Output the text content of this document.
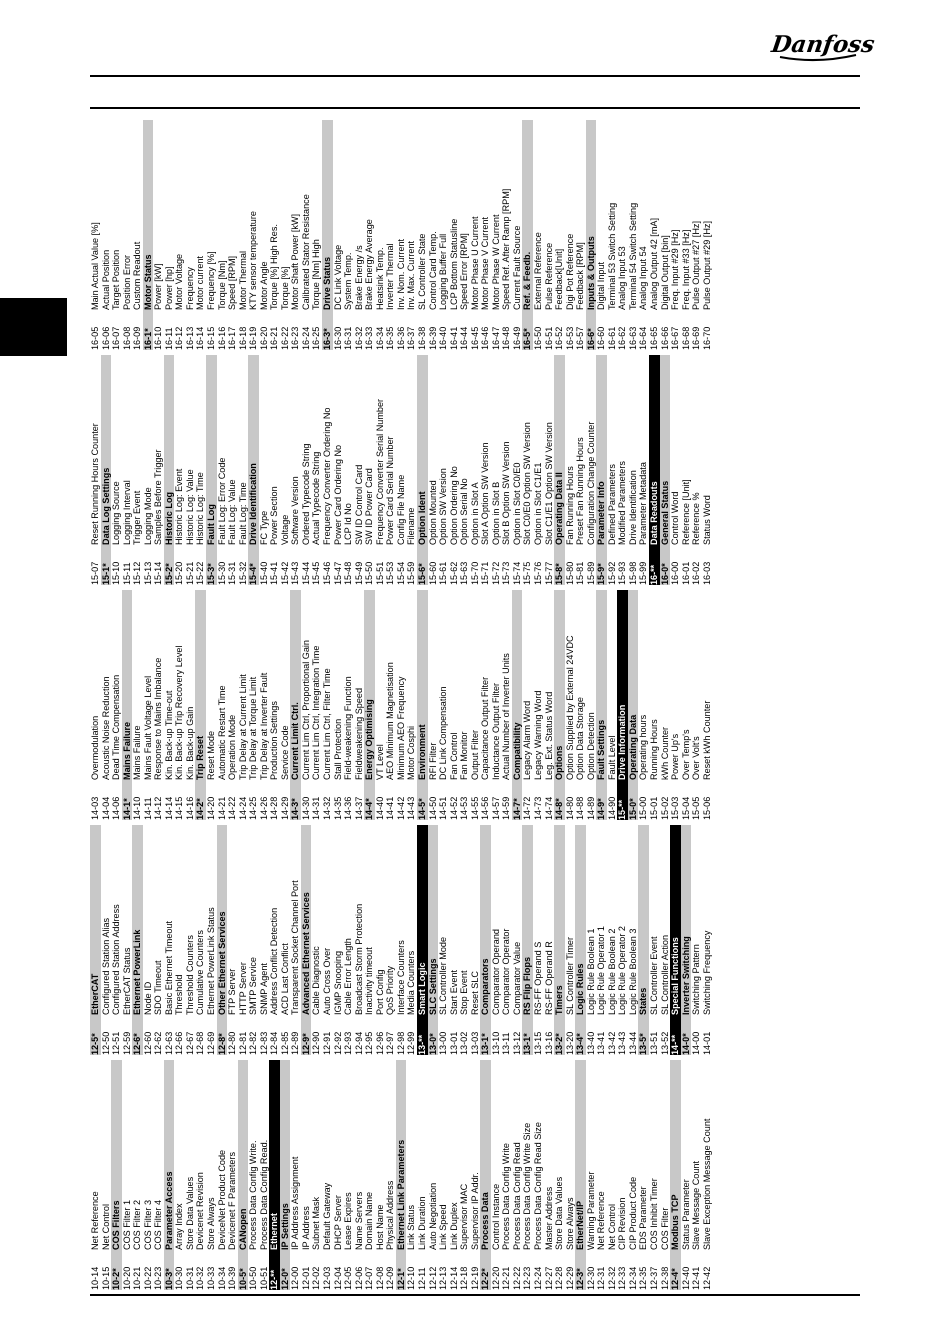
Danfoss
10-14
Net Reference
10-15
Net Control
10-2*
COS Filters
10-20
COS Filter 1
10-21
COS Filter 2
10-22
COS Filter 3
10-23
COS Filter 4
10-3*
Parameter Access
10-30
Array Index
10-31
Store Data Values
10-32
Devicenet Revision
10-33
Store Always
10-34
DeviceNet Product Code
10-39
Devicenet F Parameters
10-5*
CANopen
10-50
Process Data Config Write.
10-51
Process Data Config Read.
12-**
Ethernet
12-0*
IP Settings
12-00
IP Address Assignment
12-01
IP Address
12-02
Subnet Mask
12-03
Default Gateway
12-04
DHCP Server
12-05
Lease Expires
12-06
Name Servers
12-07
Domain Name
12-08
Host Name
12-09
Physical Address
12-1*
Ethernet Link Parameters
12-10
Link Status
12-11
Link Duration
12-12
Auto Negotiation
12-13
Link Speed
12-14
Link Duplex
12-18
Supervisor MAC
12-19
Supervisor IP Addr.
12-2*
Process Data
12-20
Control Instance
12-21
Process Data Config Write
12-22
Process Data Config Read
12-23
Process Data Config Write Size
12-24
Process Data Config Read Size
12-27
Master Address
12-28
Store Data Values
12-29
Store Always
12-3*
EtherNet/IP
12-30
Warning Parameter
12-31
Net Reference
12-32
Net Control
12-33
CIP Revision
12-34
CIP Product Code
12-35
EDS Parameter
12-37
COS Inhibit Timer
12-38
COS Filter
12-4*
Modbus TCP
12-40
Status Parameter
12-41
Slave Message Count
12-42
Slave Exception Message Count
12-5*
EtherCAT
12-50
Configured Station Alias
12-51
Configured Station Address
12-59
EtherCAT Status
12-6*
Ethernet PowerLink
12-60
Node ID
12-62
SDO Timeout
12-63
Basic Ethernet Timeout
12-66
Threshold
12-67
Threshold Counters
12-68
Cumulative Counters
12-69
Ethernet PowerLink Status
12-8*
Other Ethernet Services
12-80
FTP Server
12-81
HTTP Server
12-82
SMTP Service
12-83
SNMP Agent
12-84
Address Conflict Detection
12-85
ACD Last Conflict
12-89
Transparent Socket Channel Port
12-9*
Advanced Ethernet Services
12-90
Cable Diagnostic
12-91
Auto Cross Over
12-92
IGMP Snooping
12-93
Cable Error Length
12-94
Broadcast Storm Protection
12-95
Inactivity timeout
12-96
Port Config
12-97
QoS Priority
12-98
Interface Counters
12-99
Media Counters
13-**
Smart Logic
13-0*
SLC Settings
13-00
SL Controller Mode
13-01
Start Event
13-02
Stop Event
13-03
Reset SLC
13-1*
Comparators
13-10
Comparator Operand
13-11
Comparator Operator
13-12
Comparator Value
13-1*
RS Flip Flops
13-15
RS-FF Operand S
13-16
RS-FF Operand R
13-2*
Timers
13-20
SL Controller Timer
13-4*
Logic Rules
13-40
Logic Rule Boolean 1
13-41
Logic Rule Operator 1
13-42
Logic Rule Boolean 2
13-43
Logic Rule Operator 2
13-44
Logic Rule Boolean 3
13-5*
States
13-51
SL Controller Event
13-52
SL Controller Action
14-**
Special Functions
14-0*
Inverter Switching
14-00
Switching Pattern
14-01
Switching Frequency
14-03
Overmodulation
14-04
Acoustic Noise Reduction
14-06
Dead Time Compensation
14-1*
Mains Failure
14-10
Mains Failure
14-11
Mains Fault Voltage Level
14-12
Response to Mains Imbalance
14-14
Kin. Back-up Time-out
14-15
Kin. Back-up Trip Recovery Level
14-16
Kin. Back-up Gain
14-2*
Trip Reset
14-20
Reset Mode
14-21
Automatic Restart Time
14-22
Operation Mode
14-24
Trip Delay at Current Limit
14-25
Trip Delay at Torque Limit
14-26
Trip Delay at Inverter Fault
14-28
Production Settings
14-29
Service Code
14-3*
Current Limit Ctrl.
14-30
Current Lim Ctrl, Proportional Gain
14-31
Current Lim Ctrl, Integration Time
14-32
Current Lim Ctrl, Filter Time
14-35
Stall Protection
14-36
Field-weakening Function
14-37
Fieldweakening Speed
14-4*
Energy Optimising
14-40
VT Level
14-41
AEO Minimum Magnetisation
14-42
Minimum AEO Frequency
14-43
Motor Cosphi
14-5*
Environment
14-50
RFI Filter
14-51
DC Link Compensation
14-52
Fan Control
14-53
Fan Monitor
14-55
Output Filter
14-56
Capacitance Output Filter
14-57
Inductance Output Filter
14-59
Actual Number of Inverter Units
14-7*
Compatibility
14-72
Legacy Alarm Word
14-73
Legacy Warning Word
14-74
Leg. Ext. Status Word
14-8*
Options
14-80
Option Supplied by External 24VDC
14-88
Option Data Storage
14-89
Option Detection
14-9*
Fault Settings
14-90
Fault Level
15-**
Drive Information
15-0*
Operating Data
15-00
Operating hours
15-01
Running Hours
15-02
kWh Counter
15-03
Power Up's
15-04
Over Temp's
15-05
Over Volt's
15-06
Reset kWh Counter
15-07
Reset Running Hours Counter
15-1*
Data Log Settings
15-10
Logging Source
15-11
Logging Interval
15-12
Trigger Event
15-13
Logging Mode
15-14
Samples Before Trigger
15-2*
Historic Log
15-20
Historic Log: Event
15-21
Historic Log: Value
15-22
Historic Log: Time
15-3*
Fault Log
15-30
Fault Log: Error Code
15-31
Fault Log: Value
15-32
Fault Log: Time
15-4*
Drive Identification
15-40
FC Type
15-41
Power Section
15-42
Voltage
15-43
Software Version
15-44
Ordered Typecode String
15-45
Actual Typecode String
15-46
Frequency Converter Ordering No
15-47
Power Card Ordering No
15-48
LCP Id No
15-49
SW ID Control Card
15-50
SW ID Power Card
15-51
Frequency Converter Serial Number
15-53
Power Card Serial Number
15-54
Config File Name
15-59
Filename
15-6*
Option Ident
15-60
Option Mounted
15-61
Option SW Version
15-62
Option Ordering No
15-63
Option Serial No
15-70
Option in Slot A
15-71
Slot A Option SW Version
15-72
Option in Slot B
15-73
Slot B Option SW Version
15-74
Option in Slot C0/E0
15-75
Slot C0/E0 Option SW Version
15-76
Option in Slot C1/E1
15-77
Slot C1/E1 Option SW Version
15-8*
Operating Data II
15-80
Fan Running Hours
15-81
Preset Fan Running Hours
15-89
Configuration Change Counter
15-9*
Parameter Info
15-92
Defined Parameters
15-93
Modified Parameters
15-98
Drive Identification
15-99
Parameter Metadata
16-**
Data Readouts
16-0*
General Status
16-00
Control Word
16-01
Reference [Unit]
16-02
Reference %
16-03
Status Word
16-05
Main Actual Value [%]
16-06
Actual Position
16-07
Target Position
16-08
Position Error
16-09
Custom Readout
16-1*
Motor Status
16-10
Power [kW]
16-11
Power [hp]
16-12
Motor Voltage
16-13
Frequency
16-14
Motor current
16-15
Frequency [%]
16-16
Torque [Nm]
16-17
Speed [RPM]
16-18
Motor Thermal
16-19
KTY sensor temperature
16-20
Motor Angle
16-21
Torque [%] High Res.
16-22
Torque [%]
16-23
Motor Shaft Power [kW]
16-24
Calibrated Stator Resistance
16-25
Torque [Nm] High
16-3*
Drive Status
16-30
DC Link Voltage
16-31
System Temp.
16-32
Brake Energy /s
16-33
Brake Energy Average
16-34
Heatsink Temp.
16-35
Inverter Thermal
16-36
Inv. Nom. Current
16-37
Inv. Max. Current
16-38
SL Controller State
16-39
Control Card Temp.
16-40
Logging Buffer Full
16-41
LCP Bottom Statusline
16-44
Speed Error [RPM]
16-45
Motor Phase U Current
16-46
Motor Phase V Current
16-47
Motor Phase W Current
16-48
Speed Ref. After Ramp [RPM]
16-49
Current Fault Source
16-5*
Ref. & Feedb.
16-50
External Reference
16-51
Pulse Reference
16-52
Feedback[Unit]
16-53
Digi Pot Reference
16-57
Feedback [RPM]
16-6*
Inputs & Outputs
16-60
Digital Input
16-61
Terminal 53 Switch Setting
16-62
Analog Input 53
16-63
Terminal 54 Switch Setting
16-64
Analog Input 54
16-65
Analog Output 42 [mA]
16-66
Digital Output [bin]
16-67
Freq. Input #29 [Hz]
16-68
Freq. Input #33 [Hz]
16-69
Pulse Output #27 [Hz]
16-70
Pulse Output #29 [Hz]
